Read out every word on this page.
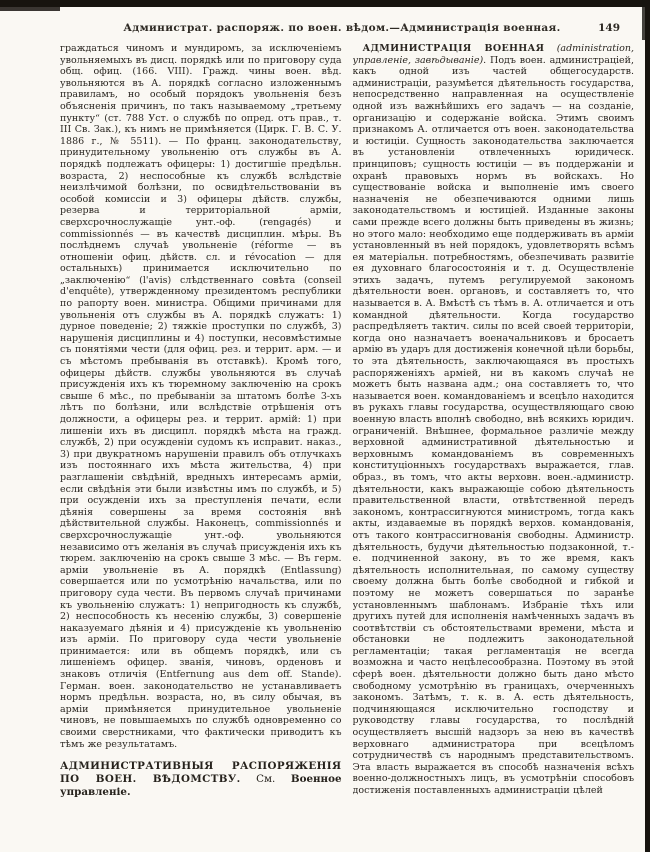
Администрат. распоряж. по воен. вѣдом.—Администрація военная.	149

граждаться чиномъ и мундиромъ, за исключеніемъ увольняемыхъ въ дисц. порядкѣ или по приговору суда общ. офиц. (166. VIII). Гражд. чины воен. вѣд. увольняются въ А. порядкѣ согласно изложеннымъ правиламъ, но особый порядокъ увольненія безъ объясненія причинъ, по такъ называемому „третьему пункту“ (ст. 788 Уст. о службѣ по опред. отъ прав., т. III Св. Зак.), къ нимъ не примѣняется (Цирк. Г. В. С. У. 1886 г., № 5511). — По франц. законодательству, принудительному увольненію отъ службы въ А. порядкѣ подлежатъ офицеры: 1) достигшіе предѣльн. возраста, 2) неспособные къ службѣ вслѣдствіе неизлѣчимой болѣзни, по освидѣтельствованіи въ особой комиссіи и 3) офицеры дѣйств. службы, резерва и территоріальной арміи, сверхсрочнослужащіе унт.-оф. (rengagés) и commissionnés — въ качествѣ дисциплин. мѣры. Въ послѣднемъ случаѣ увольненіе (réforme — въ отношеніи офиц. дѣйств. сл. и révocation — для остальныхъ) принимается исключительно по „заключенію“ (l'avis) слѣдственнаго совѣта (conseil d'enquête), утвержденному президентомъ республики по рапорту воен. министра. Общими причинами для увольненія отъ службы въ А. порядкѣ служатъ: 1) дурное поведеніе; 2) тяжкіе проступки по службѣ, 3) нарушенія дисциплины и 4) поступки, несовмѣстимые съ понятіями чести (для офиц. рез. и террит. арм. — и съ мѣстомъ пребыванія въ отставкѣ). Кромѣ того, офицеры дѣйств. службы увольняются въ случаѣ присужденія ихъ къ тюремному заключенію на срокъ свыше 6 мѣс., по пребываніи за штатомъ болѣе 3-хъ лѣтъ по болѣзни, или вслѣдствіе отрѣшенія отъ должности, а офицеры рез. и террит. армій: 1) при лишеніи ихъ въ дисципл. порядкѣ мѣста на гражд. службѣ, 2) при осужденіи судомъ къ исправит. наказ., 3) при двукратномъ нарушеніи правилъ объ отлучкахъ изъ постояннаго ихъ мѣста жительства, 4) при разглашеніи свѣдѣній, вредныхъ интересамъ арміи, если свѣдѣнія эти были извѣстны имъ по службѣ, и 5) при осужденіи ихъ за преступленія печати, если дѣянія совершены за время состоянія внѣ дѣйствительной службы. Наконецъ, commissionnés и сверхсрочнослужащіе унт.-оф. увольняются независимо отъ желанія въ случаѣ присужденія ихъ къ тюрем. заключенію на срокъ свыше 3 мѣс. — Въ герм. арміи увольненіе въ А. порядкѣ (Entlassung) совершается или по усмотрѣнію начальства, или по приговору суда чести. Въ первомъ случаѣ причинами къ увольненію служатъ: 1) непригодность къ службѣ, 2) неспособность къ несенію службы, 3) совершеніе наказуемаго дѣянія и 4) присужденіе къ увольненію изъ арміи. По приговору суда чести увольненіе принимается: или въ общемъ порядкѣ, или съ лишеніемъ офицер. званія, чиновъ, орденовъ и знаковъ отличія (Entfernung aus dem off. Stande). Герман. воен. законодательство не устанавливаетъ нормъ предѣльн. возраста, но, въ силу обычая, въ арміи примѣняется принудительное увольненіе чиновъ, не повышаемыхъ по службѣ одновременно со своими сверстниками, что фактически приводитъ къ тѣмъ же результатамъ.

АДМИНИСТРАТИВНЫЯ РАСПОРЯЖЕНІЯ ПО ВОЕН. ВѢДОМСТВУ. См. Военное управленіе.

АДМИНИСТРАЦІЯ ВОЕННАЯ (administration, управленіе, завѣдываніе). Подъ воен. администраціей, какъ одной изъ частей общегосударств. администраціи, разумѣется дѣятельность государства, непосредственно направленная на осуществленіе одной изъ важнѣйшихъ его задачъ — на созданіе, организацію и содержаніе войска. Этимъ своимъ признакомъ А. отличается отъ воен. законодательства и юстиціи. Сущность законодательства заключается въ установленіи отвлеченныхъ юридическ. принциповъ; сущность юстиціи — въ поддержаніи и охранѣ правовыхъ нормъ въ войскахъ. Но существованіе войска и выполненіе имъ своего назначенія не обезпечиваются одними лишь законодательствомъ и юстиціей. Изданные законы сами прежде всего должны быть приведены въ жизнь; но этого мало: необходимо еще поддерживать въ арміи установленный въ ней порядокъ, удовлетворять всѣмъ ея матеріальн. потребностямъ, обезпечивать развитіе ея духовнаго благосостоянія и т. д. Осуществленіе этихъ задачъ, путемъ регулируемой закономъ дѣятельности воен. органовъ, и составляетъ то, что называется в. А. Вмѣстѣ съ тѣмъ в. А. отличается и отъ командной дѣятельности. Когда государство распредѣляетъ тактич. силы по всей своей территоріи, когда оно назначаетъ военачальниковъ и бросаетъ армію въ ударъ для достиженія конечной цѣли борьбы, то эта дѣятельность, заключающаяся въ простыхъ распоряженіяхъ арміей, ни въ какомъ случаѣ не можетъ быть названа адм.; она составляетъ то, что называется воен. командованіемъ и всецѣло находится въ рукахъ главы государства, осуществляющаго свою военную власть вполнѣ свободно, внѣ всякихъ юридич. ограниченій. Внѣшнее, формальное различіе между верховной административной дѣятельностью и верховнымъ командованіемъ въ современныхъ конституціонныхъ государствахъ выражается, глав. образ., въ томъ, что акты верховн. воен.-администр. дѣятельности, какъ выражающіе собою дѣятельность правительственной власти, отвѣтственной передъ закономъ, контрассигнуются министромъ, тогда какъ акты, издаваемые въ порядкѣ верхов. командованія, отъ такого контрассигнованія свободны. Администр. дѣятельность, будучи дѣятельностью подзаконной, т.-е. подчиненной закону, въ то же время, какъ дѣятельность исполнительная, по самому существу своему должна быть болѣе свободной и гибкой и поэтому не можетъ совершаться по заранѣе установленнымъ шаблонамъ. Избраніе тѣхъ или другихъ путей для исполненія намѣченныхъ задачъ въ соотвѣтствіи съ обстоятельствами времени, мѣста и обстановки не подлежитъ законодательной регламентаціи; такая регламентація не всегда возможна и часто нецѣлесообразна. Поэтому въ этой сферѣ воен. дѣятельности должно быть дано мѣсто свободному усмотрѣнію въ границахъ, очерченныхъ закономъ. Затѣмъ, т. к. в. А. есть дѣятельность, подчиняющаяся исключительно господству и руководству главы государства, то послѣдній осуществляетъ высшій надзоръ за нею въ качествѣ верховнаго администратора при всецѣломъ сотрудничествѣ съ народнымъ представительствомъ. Эта власть выражается въ способѣ назначенія всѣхъ военно-должностныхъ лицъ, въ усмотрѣніи способовъ достиженія поставленныхъ администраціи цѣлей
